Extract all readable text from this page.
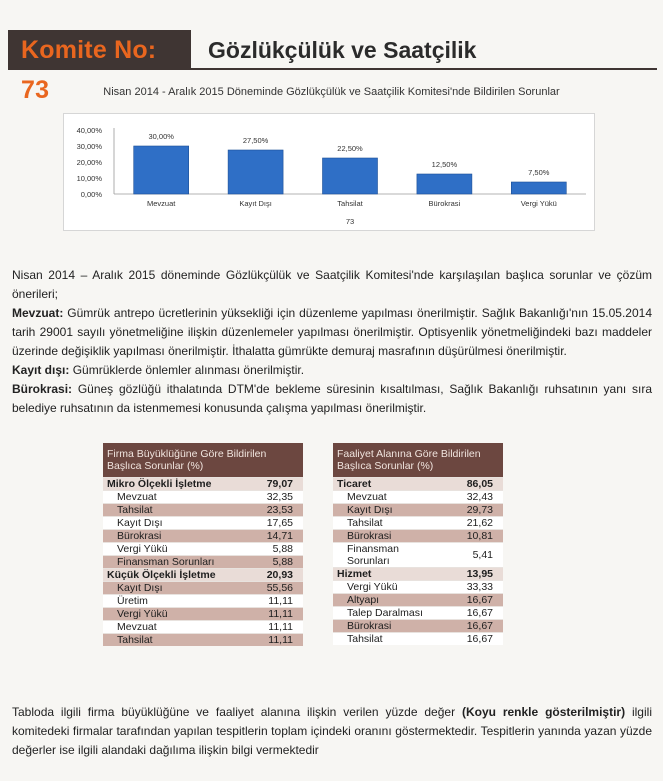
Komite No: 73
Gözlükçülük ve Saatçilik
Nisan 2014 - Aralık 2015 Döneminde Gözlükçülük ve Saatçilik Komitesi'nde Bildirilen Sorunlar
40,00%
30,00%
20,00%
10,00%
0,00%
30,00%
Mevzuat
27,50%
Kayıt Dışı
22,50%
Tahsilat
12,50%
Bürokrasi
7,50%
Vergi Yükü
73
Nisan 2014 – Aralık 2015 döneminde Gözlükçülük ve Saatçilik Komitesi'nde karşılaşılan başlıca sorunlar ve çözüm önerileri;
Mevzuat: Gümrük antrepo ücretlerinin yüksekliği için düzenleme yapılması önerilmiştir. Sağlık Bakanlığı'nın 15.05.2014 tarih 29001 sayılı yönetmeliğine ilişkin düzenlemeler yapılması önerilmiştir. Optisyenlik yönetmeliğindeki bazı maddeler üzerinde değişiklik yapılması önerilmiştir. İthalatta gümrükte demuraj masrafının düşürülmesi önerilmiştir.
Kayıt dışı: Gümrüklerde önlemler alınması önerilmiştir.
Bürokrasi: Güneş gözlüğü ithalatında DTM'de bekleme süresinin kısaltılması, Sağlık Bakanlığı ruhsatının yanı sıra belediye ruhsatının da istenmemesi konusunda çalışma yapılması önerilmiştir.
Firma Büyüklüğüne Göre Bildirilen Başlıca Sorunlar (%)	
Mikro Ölçekli İşletme	79,07
Mevzuat	32,35
Tahsilat	23,53
Kayıt Dışı	17,65
Bürokrasi	14,71
Vergi Yükü	5,88
Finansman Sorunları	5,88
Küçük Ölçekli İşletme	20,93
Kayıt Dışı	55,56
Üretim	11,11
Vergi Yükü	11,11
Mevzuat	11,11
Tahsilat	11,11
Faaliyet Alanına Göre Bildirilen Başlıca Sorunlar (%)	
Ticaret	86,05
Mevzuat	32,43
Kayıt Dışı	29,73
Tahsilat	21,62
Bürokrasi	10,81
Finansman Sorunları	5,41
Hizmet	13,95
Vergi Yükü	33,33
Altyapı	16,67
Talep Daralması	16,67
Bürokrasi	16,67
Tahsilat	16,67
Tabloda ilgili firma büyüklüğüne ve faaliyet alanına ilişkin verilen yüzde değer (Koyu renkle gösterilmiştir) ilgili komitedeki firmalar tarafından yapılan tespitlerin toplam içindeki oranını göstermektedir. Tespitlerin yanında yazan yüzde değerler ise ilgili alandaki dağılıma ilişkin bilgi vermektedir
